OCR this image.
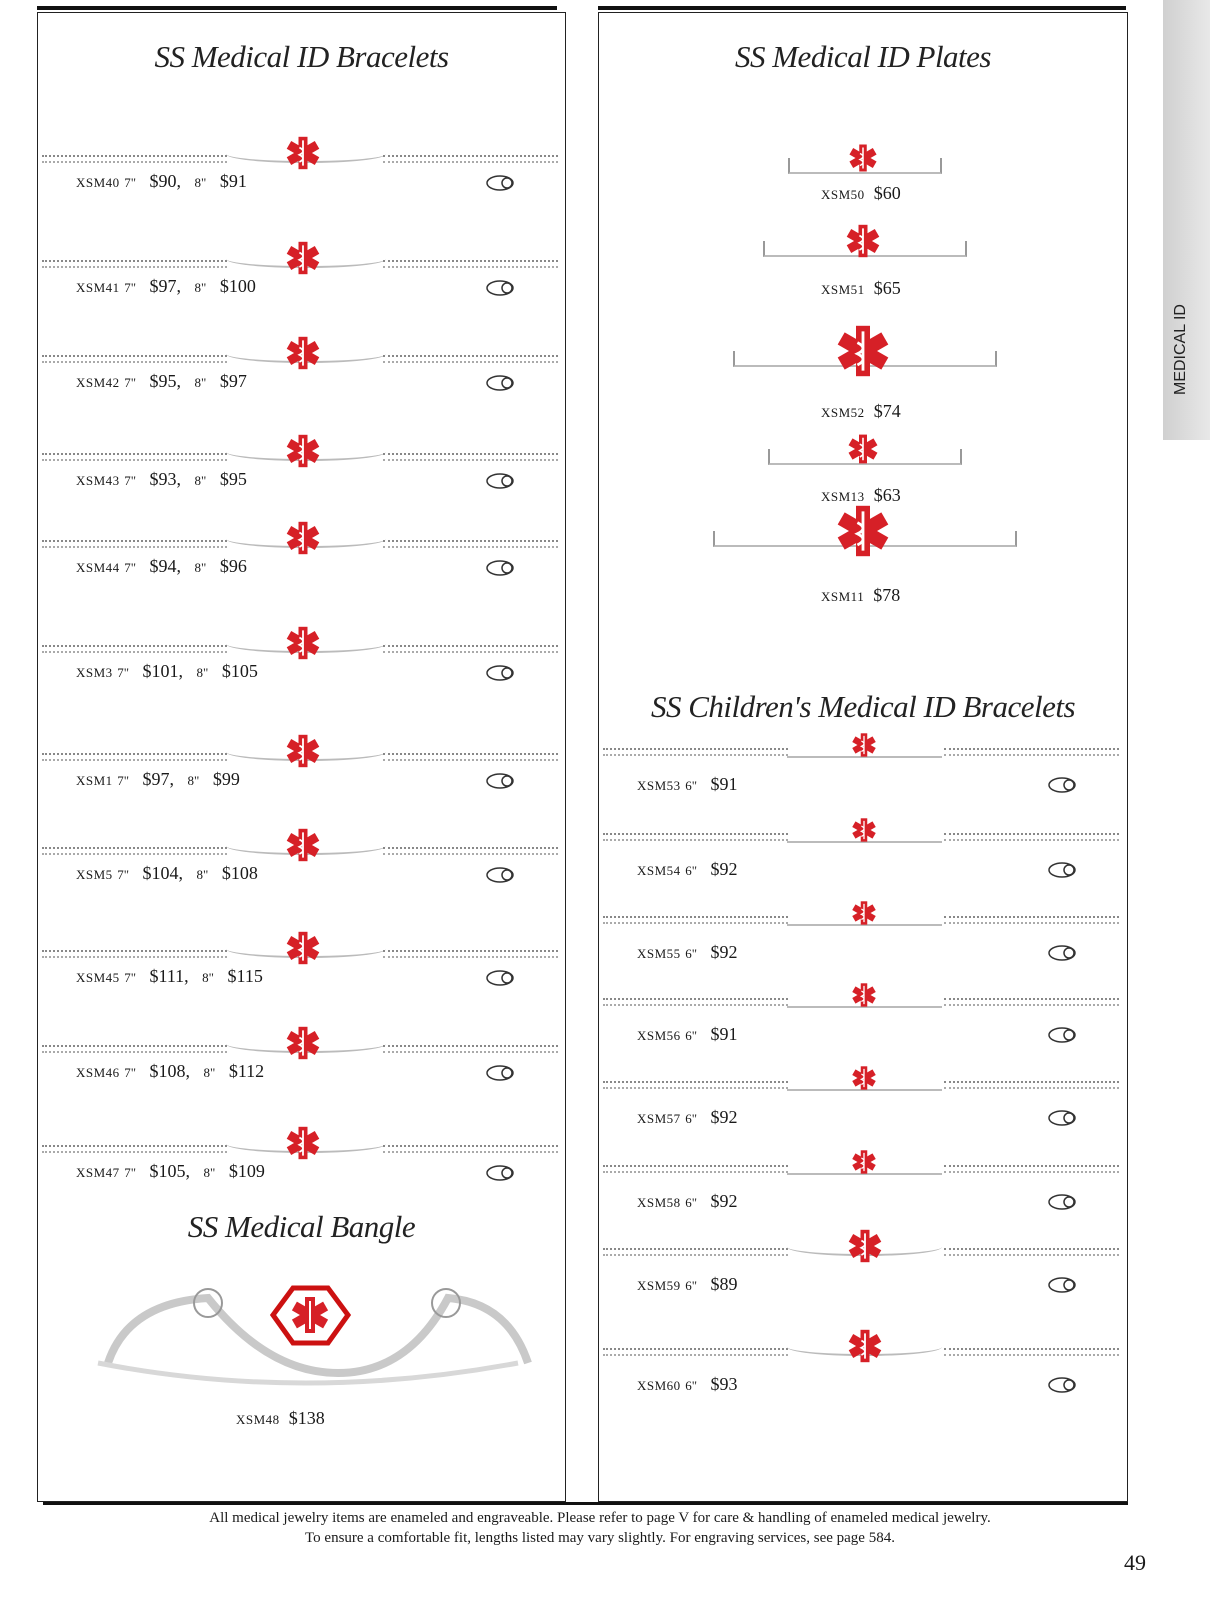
MEDICAL ID
SS Medical ID Bracelets
XSM40 7" $90, 8" $91
XSM41 7" $97, 8" $100
XSM42 7" $95, 8" $97
XSM43 7" $93, 8" $95
XSM44 7" $94, 8" $96
XSM3 7" $101, 8" $105
XSM1 7" $97, 8" $99
XSM5 7" $104, 8" $108
XSM45 7" $111, 8" $115
XSM46 7" $108, 8" $112
XSM47 7" $105, 8" $109
SS Medical Bangle
XSM48 $138
SS Medical ID Plates
XSM50 $60
XSM51 $65
XSM52 $74
XSM13 $63
XSM11 $78
SS Children's Medical ID Bracelets
XSM53 6" $91
XSM54 6" $92
XSM55 6" $92
XSM56 6" $91
XSM57 6" $92
XSM58 6" $92
XSM59 6" $89
XSM60 6" $93
All medical jewelry items are enameled and engraveable. Please refer to page V for care & handling of enameled medical jewelry.
To ensure a comfortable fit, lengths listed may vary slightly. For engraving services, see page 584.
49
